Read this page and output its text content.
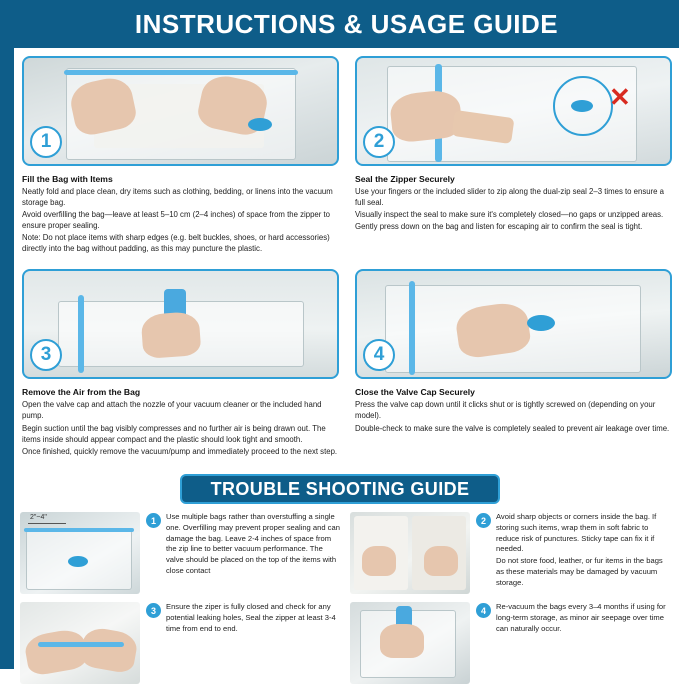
INSTRUCTIONS & USAGE GUIDE
1
Fill the Bag with Items

Neatly fold and place clean, dry items such as clothing, bedding, or linens into the vacuum storage bag.

Avoid overfilling the bag—leave at least 5–10 cm (2–4 inches) of space from the zipper to ensure proper sealing.

Note: Do not place items with sharp edges (e.g. belt buckles, shoes, or hard accessories) directly into the bag without padding, as this may puncture the plastic.

✕
2
Seal the Zipper Securely

Use your fingers or the included slider to zip along the dual-zip seal 2–3 times to ensure a full seal.

Visually inspect the seal to make sure it's completely closed—no gaps or unzipped areas.

Gently press down on the bag and listen for escaping air to confirm the seal is tight.

3
Remove the Air from the Bag

Open the valve cap and attach the nozzle of your vacuum cleaner or the included hand pump.

Begin suction until the bag visibly compresses and no further air is being drawn out. The items inside should appear compact and the plastic should look tight and smooth.

Once finished, quickly remove the vacuum/pump and immediately proceed to the next step.

4
Close the Valve Cap Securely

Press the valve cap down until it clicks shut or is tightly screwed on (depending on your model).

Double-check to make sure the valve is completely sealed to prevent air leakage over time.

TROUBLE SHOOTING GUIDE
2"~4"	1	Use multiple bags rather than overstuffing a single one. Overfilling may prevent proper sealing and can damage the bag. Leave 2-4 inches of space from the zip line to better vacuum performance. The valve should be placed on the top of the items with close contact

2	Avoid sharp objects or corners inside the bag. If storing such items, wrap them in soft fabric to reduce risk of punctures. Sticky tape can fix it if needed.

Do not store food, leather, or fur items in the bags as these materials may be damaged by vacuum storage.

3	Ensure the ziper is fully closed and check for any potential leaking holes, Seal the zipper at least 3-4 time from end to end.

4	Re-vacuum the bags every 3–4 months if using for long-term storage, as minor air seepage over time can naturally occur.
